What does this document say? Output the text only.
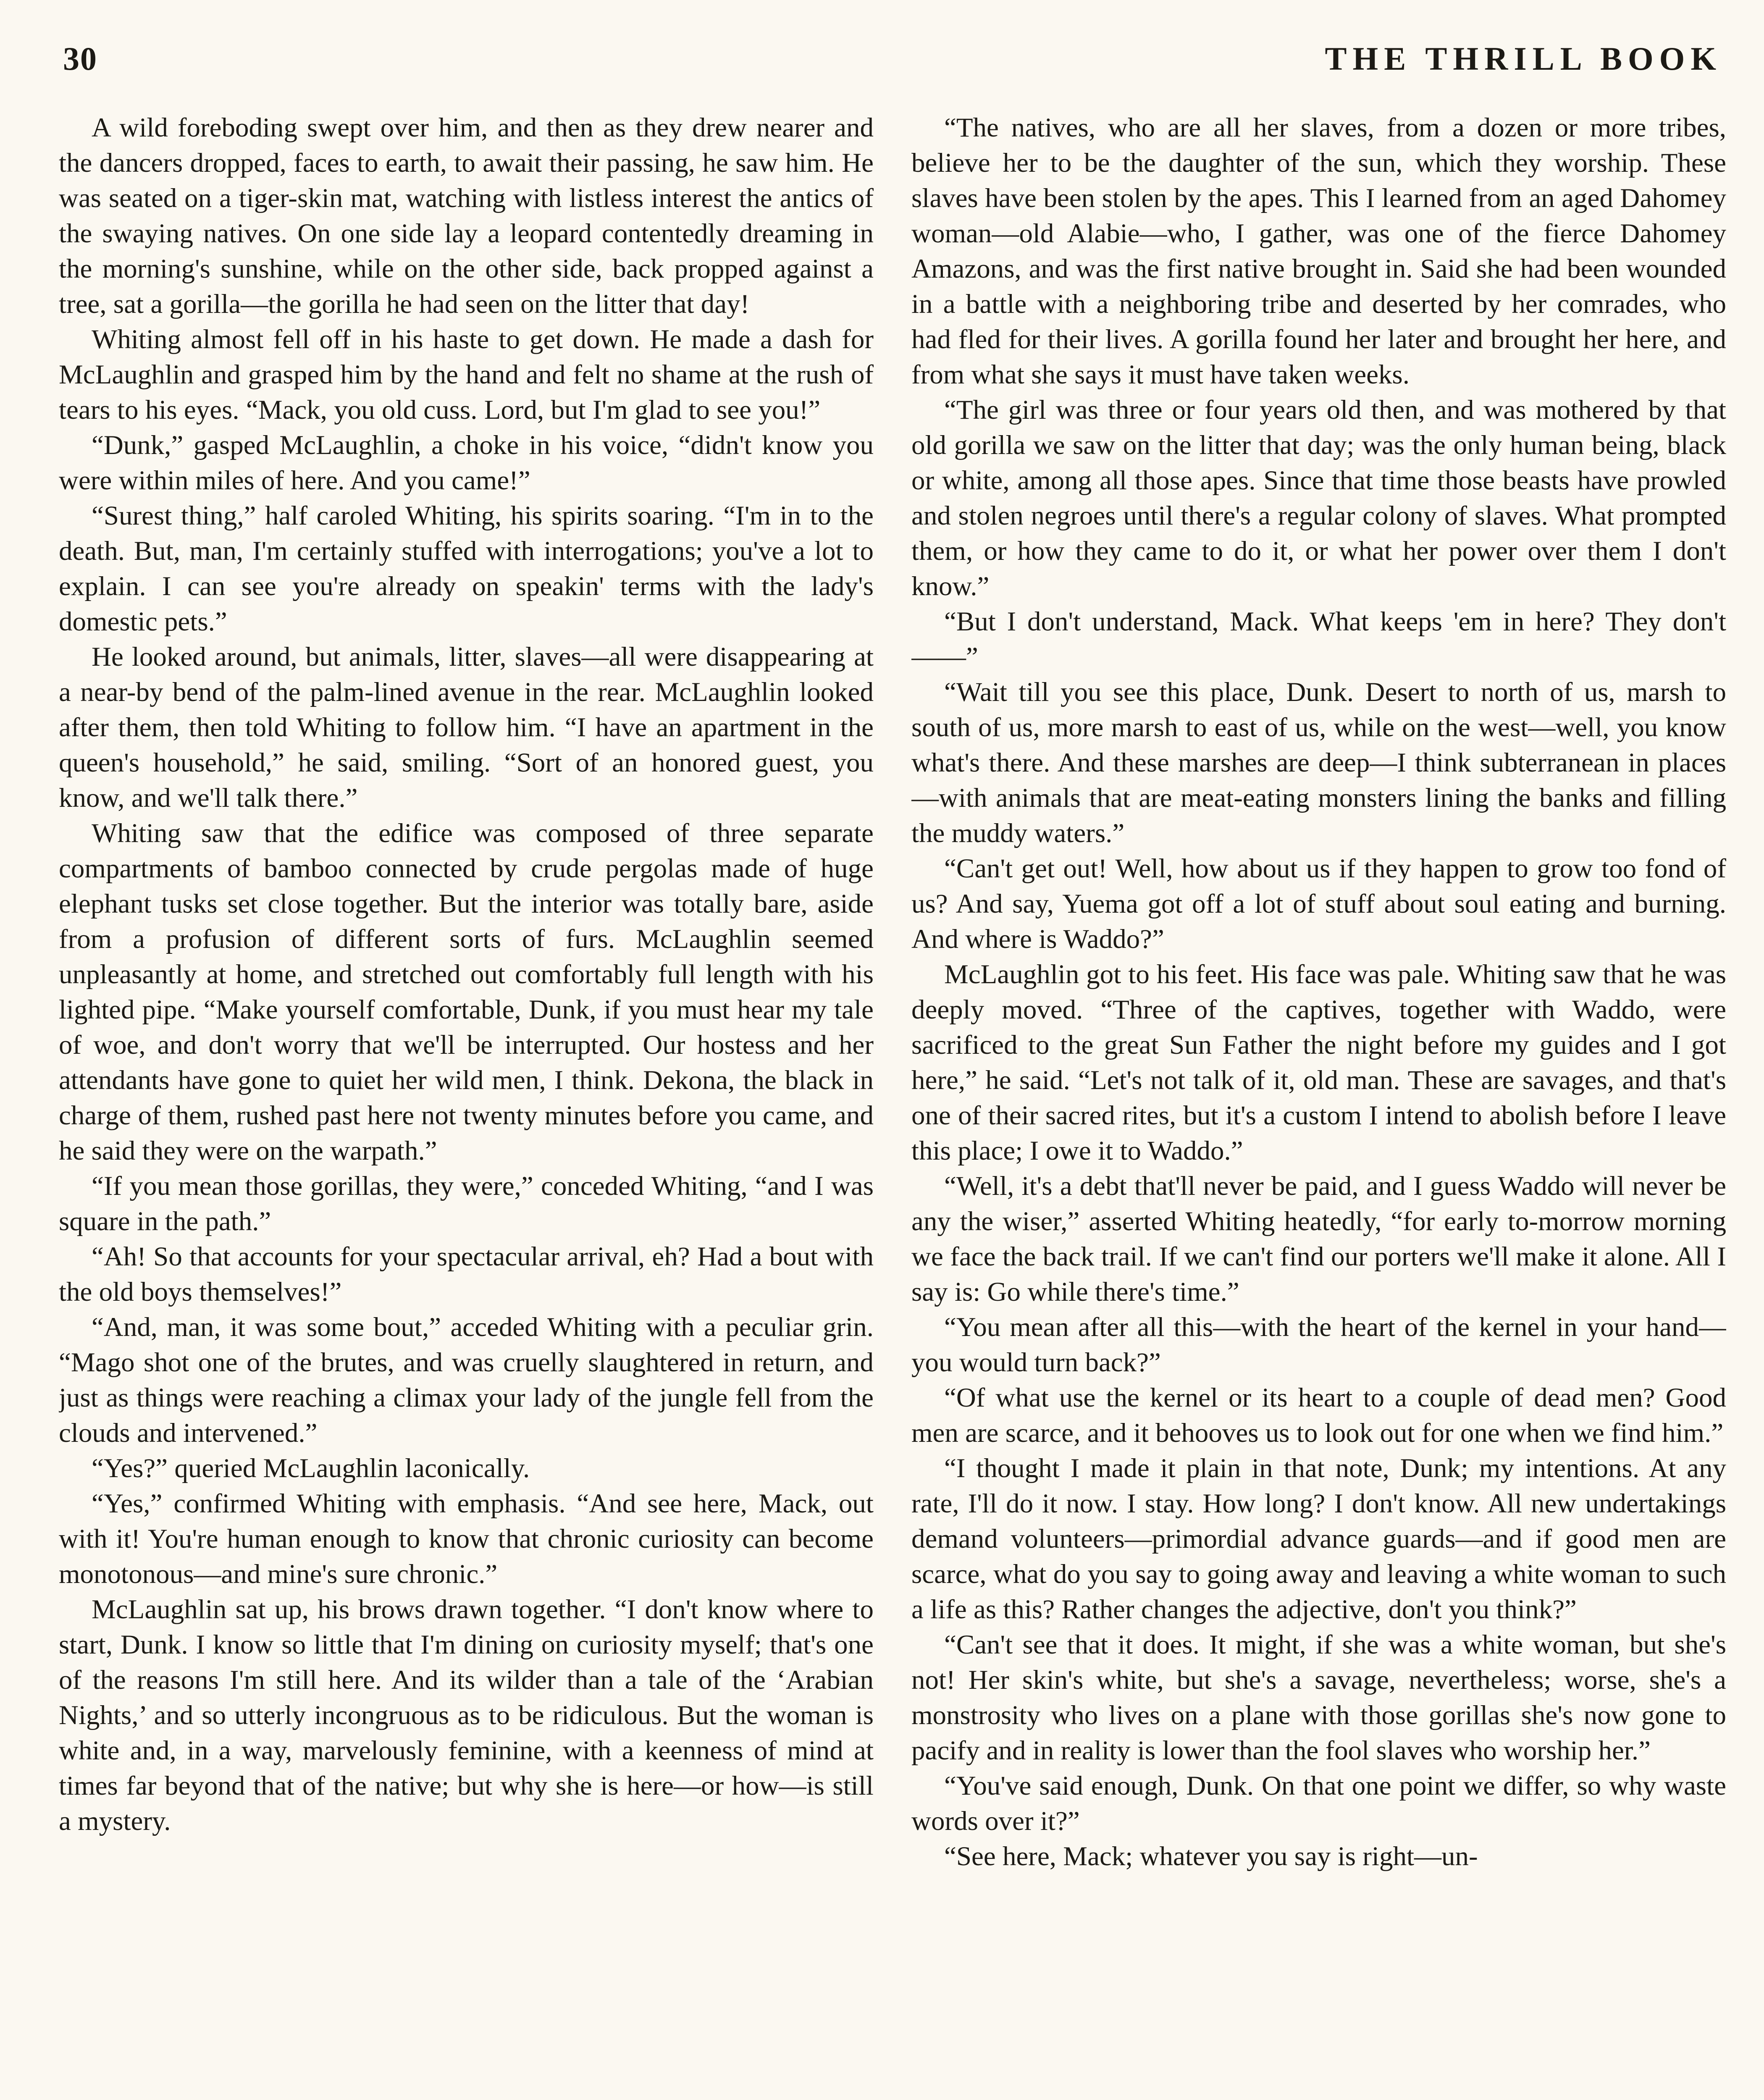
30	THE THRILL BOOK

A wild foreboding swept over him, and then as they drew nearer and the dancers dropped, faces to earth, to await their passing, he saw him. He was seated on a tiger-skin mat, watching with listless interest the antics of the swaying natives. On one side lay a leopard contentedly dreaming in the morning's sunshine, while on the other side, back propped against a tree, sat a gorilla—the gorilla he had seen on the litter that day!

Whiting almost fell off in his haste to get down. He made a dash for McLaughlin and grasped him by the hand and felt no shame at the rush of tears to his eyes. “Mack, you old cuss. Lord, but I'm glad to see you!”

“Dunk,” gasped McLaughlin, a choke in his voice, “didn't know you were within miles of here. And you came!”

“Surest thing,” half caroled Whiting, his spirits soaring. “I'm in to the death. But, man, I'm certainly stuffed with interrogations; you've a lot to explain. I can see you're already on speakin' terms with the lady's domestic pets.”

He looked around, but animals, litter, slaves—all were disappearing at a near-by bend of the palm-lined avenue in the rear. McLaughlin looked after them, then told Whiting to follow him. “I have an apartment in the queen's household,” he said, smiling. “Sort of an honored guest, you know, and we'll talk there.”

Whiting saw that the edifice was composed of three separate compartments of bamboo connected by crude pergolas made of huge elephant tusks set close together. But the interior was totally bare, aside from a profusion of different sorts of furs. McLaughlin seemed unpleasantly at home, and stretched out comfortably full length with his lighted pipe. “Make yourself comfortable, Dunk, if you must hear my tale of woe, and don't worry that we'll be interrupted. Our hostess and her attendants have gone to quiet her wild men, I think. Dekona, the black in charge of them, rushed past here not twenty minutes before you came, and he said they were on the warpath.”

“If you mean those gorillas, they were,” conceded Whiting, “and I was square in the path.”

“Ah! So that accounts for your spectacular arrival, eh? Had a bout with the old boys themselves!”

“And, man, it was some bout,” acceded Whiting with a peculiar grin. “Mago shot one of the brutes, and was cruelly slaughtered in return, and just as things were reaching a climax your lady of the jungle fell from the clouds and intervened.”

“Yes?” queried McLaughlin laconically.

“Yes,” confirmed Whiting with emphasis. “And see here, Mack, out with it! You're human enough to know that chronic curiosity can become monotonous—and mine's sure chronic.”

McLaughlin sat up, his brows drawn together. “I don't know where to start, Dunk. I know so little that I'm dining on curiosity myself; that's one of the reasons I'm still here. And its wilder than a tale of the ‘Arabian Nights,’ and so utterly incongruous as to be ridiculous. But the woman is white and, in a way, marvelously feminine, with a keenness of mind at times far beyond that of the native; but why she is here—or how—is still a mystery.

“The natives, who are all her slaves, from a dozen or more tribes, believe her to be the daughter of the sun, which they worship. These slaves have been stolen by the apes. This I learned from an aged Dahomey woman—old Alabie—who, I gather, was one of the fierce Dahomey Amazons, and was the first native brought in. Said she had been wounded in a battle with a neighboring tribe and deserted by her comrades, who had fled for their lives. A gorilla found her later and brought her here, and from what she says it must have taken weeks.

“The girl was three or four years old then, and was mothered by that old gorilla we saw on the litter that day; was the only human being, black or white, among all those apes. Since that time those beasts have prowled and stolen negroes until there's a regular colony of slaves. What prompted them, or how they came to do it, or what her power over them I don't know.”

“But I don't understand, Mack. What keeps 'em in here? They don't——”

“Wait till you see this place, Dunk. Desert to north of us, marsh to south of us, more marsh to east of us, while on the west—well, you know what's there. And these marshes are deep—I think subterranean in places—with animals that are meat-eating monsters lining the banks and filling the muddy waters.”

“Can't get out! Well, how about us if they happen to grow too fond of us? And say, Yuema got off a lot of stuff about soul eating and burning. And where is Waddo?”

McLaughlin got to his feet. His face was pale. Whiting saw that he was deeply moved. “Three of the captives, together with Waddo, were sacrificed to the great Sun Father the night before my guides and I got here,” he said. “Let's not talk of it, old man. These are savages, and that's one of their sacred rites, but it's a custom I intend to abolish before I leave this place; I owe it to Waddo.”

“Well, it's a debt that'll never be paid, and I guess Waddo will never be any the wiser,” asserted Whiting heatedly, “for early to-morrow morning we face the back trail. If we can't find our porters we'll make it alone. All I say is: Go while there's time.”

“You mean after all this—with the heart of the kernel in your hand—you would turn back?”

“Of what use the kernel or its heart to a couple of dead men? Good men are scarce, and it behooves us to look out for one when we find him.”

“I thought I made it plain in that note, Dunk; my intentions. At any rate, I'll do it now. I stay. How long? I don't know. All new undertakings demand volunteers—primordial advance guards—and if good men are scarce, what do you say to going away and leaving a white woman to such a life as this? Rather changes the adjective, don't you think?”

“Can't see that it does. It might, if she was a white woman, but she's not! Her skin's white, but she's a savage, nevertheless; worse, she's a monstrosity who lives on a plane with those gorillas she's now gone to pacify and in reality is lower than the fool slaves who worship her.”

“You've said enough, Dunk. On that one point we differ, so why waste words over it?”

“See here, Mack; whatever you say is right—un-
